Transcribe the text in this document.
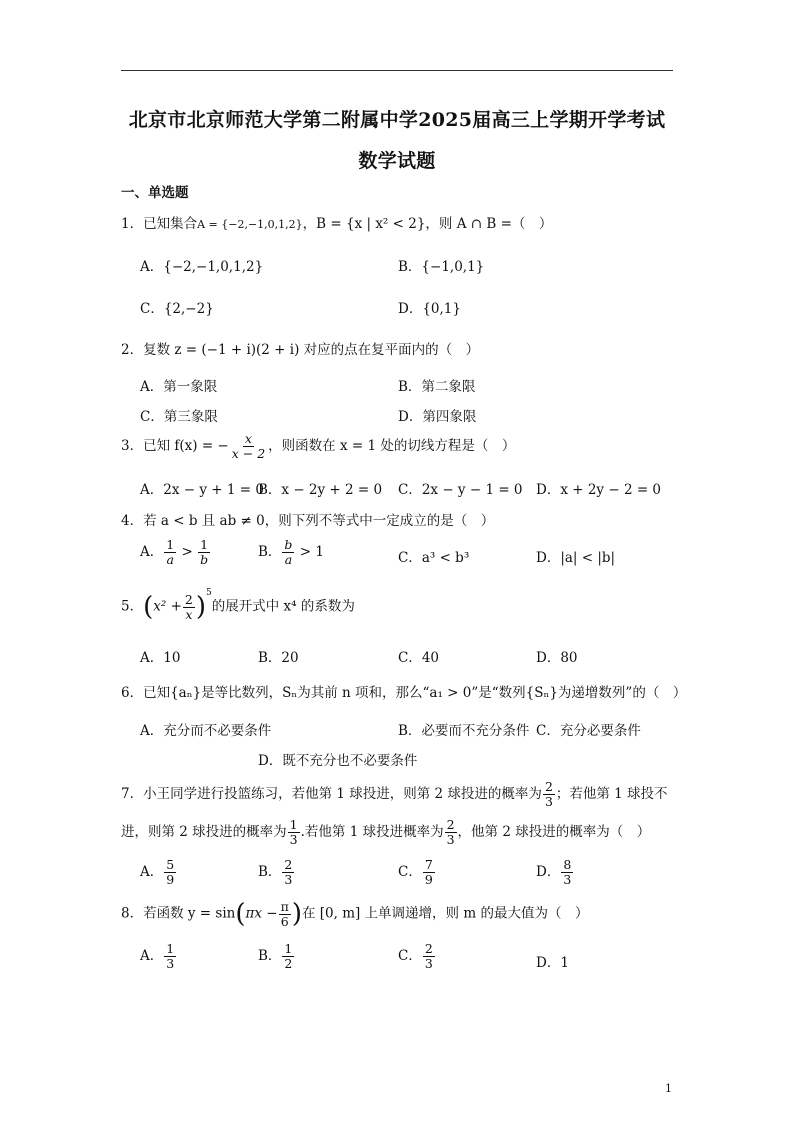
北京市北京师范大学第二附属中学2025届高三上学期开学考试
数学试题
一、单选题
1．已知集合A = {−2,−1,0,1,2}，B = {x | x² < 2}，则 A ∩ B =（　）
A．{−2,−1,0,1,2}	B．{−1,0,1}
C．{2,−2}	D．{0,1}
2．复数 z = (−1 + i)(2 + i) 对应的点在复平面内的（　）
A．第一象限	B．第二象限
C．第三象限	D．第四象限
3．已知 f(x) = − $\frac{x}{x - 2}$ ，则函数在 x = 1 处的切线方程是（　）
A．2x − y + 1 = 0
B．x − 2y + 2 = 0 C．2x − y − 1 = 0 D．x + 2y − 2 = 0
4．若 a < b 且 ab ≠ 0，则下列不等式中一定成立的是（　）
A． $\frac{1}{a} > \frac{1}{b}$	B． $\frac{b}{a} > 1$	C．a³ < b³	D．|a| < |b|
5．$(x^2 + \frac{2}{x} )^5$的展开式中 x⁴ 的系数为
A．10	B．20	C．40	D．80
6．已知{aₙ}是等比数列，Sₙ为其前 n 项和，那么“a₁ > 0”是“数列{Sₙ}为递增数列”的（　）
A．充分而不必要条件	B．必要而不充分条件 C．充分必要条件
D．既不充分也不必要条件
7．小王同学进行投篮练习，若他第 1 球投进，则第 2 球投进的概率为 $\frac{2}{3}$ ；若他第 1 球投不
进，则第 2 球投进的概率为 $\frac{1}{3}$ .若他第 1 球投进概率为 $\frac{2}{3}$ ，他第 2 球投进的概率为（　）
A． $\frac{5}{9}$	B． $\frac{2}{3}$	C． $\frac{7}{9}$	D． $\frac{8}{3}$
8．若函数 $y = \sin(\pi x - \frac{\pi}{6}$ )在 [0, m] 上单调递增，则 m 的最大值为（　）
A． $\frac{1}{3}$	B． $\frac{1}{2}$	C． $\frac{2}{3}$	D．1
1
